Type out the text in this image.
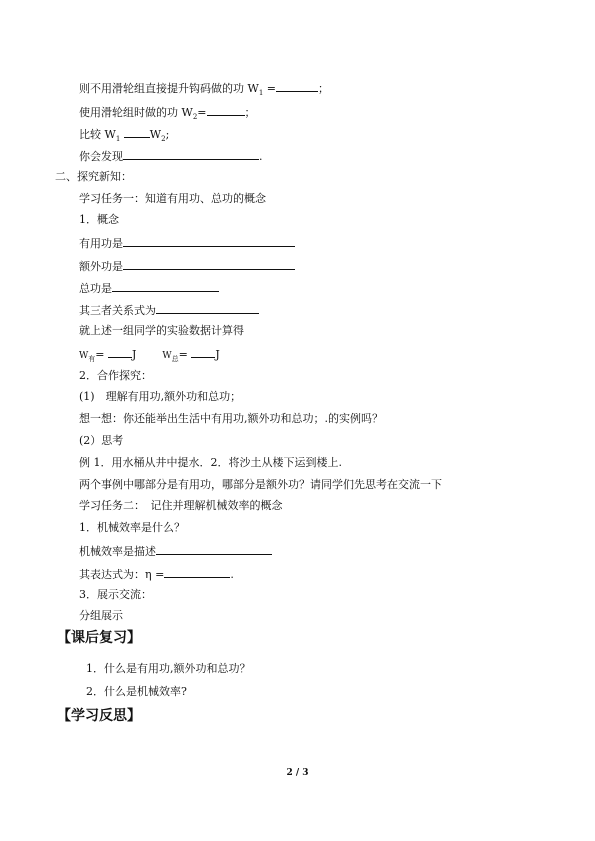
则不用滑轮组直接提升钩码做的功 $W_1$ =	；
使用滑轮组时做的功 $W_2=$	；
比较 $W_1$	$W_2$;
你会发现	.
二、探究新知：
学习任务一：知道有用功、总功的概念
1．概念
有用功是
额外功是
总功是
其三者关系式为
就上述一组同学的实验数据计算得
$W_有=$	J	$W_总=$	J
2．合作探究：
(1)　理解有用功,额外功和总功；
想一想：你还能举出生活中有用功,额外功和总功；.的实例吗？
(2）思考
例 1．用水桶从井中提水．2．将沙土从楼下运到楼上.
两个事例中哪部分是有用功，哪部分是额外功？请同学们先思考在交流一下
学习任务二：　记住并理解机械效率的概念
1．机械效率是什么？
机械效率是描述
其表达式为：η =	.
3．展示交流：
分组展示
【课后复习】
1．什么是有用功,额外功和总功？
2．什么是机械效率?
【学习反思】
2 / 3
